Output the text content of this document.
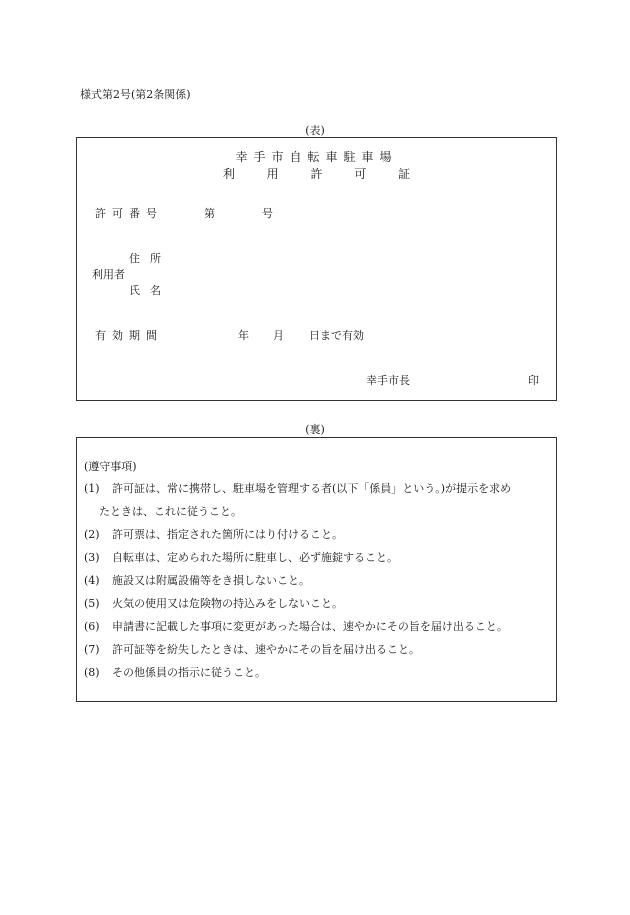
様式第2号(第2条関係)
(表)
幸手市自転車駐車場
利	用	許	可	証
許可番号	第	号
住所
利用者
氏名
有効期間	年 月 日まで有効
幸手市長	印
(裏)
(遵守事項)
(1) 許可証は、常に携帯し、駐車場を管理する者(以下「係員」という。)が提示を求め
たときは、これに従うこと。
(2) 許可票は、指定された箇所にはり付けること。
(3) 自転車は、定められた場所に駐車し、必ず施錠すること。
(4) 施設又は附属設備等をき損しないこと。
(5) 火気の使用又は危険物の持込みをしないこと。
(6) 申請書に記載した事項に変更があった場合は、速やかにその旨を届け出ること。
(7) 許可証等を紛失したときは、速やかにその旨を届け出ること。
(8) その他係員の指示に従うこと。
